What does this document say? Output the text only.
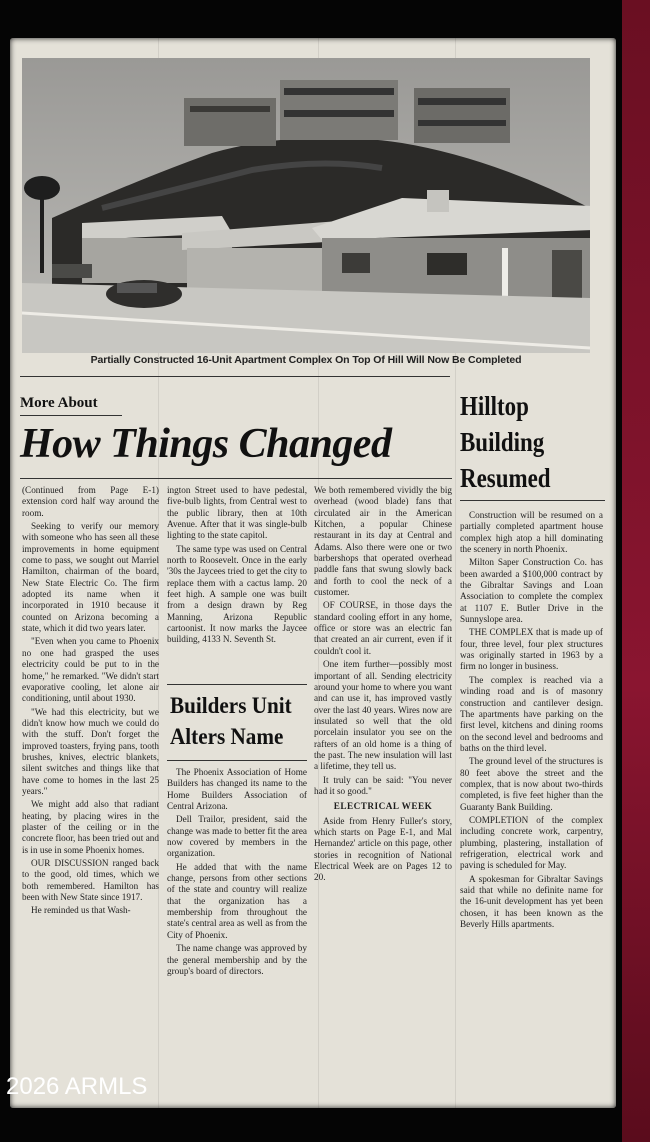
Partially Constructed 16-Unit Apartment Complex On Top Of Hill Will Now Be Completed
More About
How Things Changed
Hilltop Building Resumed

(Continued from Page E-1) extension cord half way around the room.

Seeking to verify our memory with someone who has seen all these improvements in home equipment come to pass, we sought out Marriel Hamilton, chairman of the board, New State Electric Co. The firm adopted its name when it incorporated in 1910 because it counted on Arizona becoming a state, which it did two years later.

"Even when you came to Phoenix no one had grasped the uses electricity could be put to in the home," he remarked. "We didn't start evaporative cooling, let alone air conditioning, until about 1930.

"We had this electricity, but we didn't know how much we could do with the stuff. Don't forget the improved toasters, frying pans, tooth brushes, knives, electric blankets, silent switches and things like that have come to homes in the last 25 years."

We might add also that radiant heating, by placing wires in the plaster of the ceiling or in the concrete floor, has been tried out and is in use in some Phoenix homes.

OUR DISCUSSION ranged back to the good, old times, which we both remembered. Hamilton has been with New State since 1917.

He reminded us that Wash-

ington Street used to have pedestal, five-bulb lights, from Central west to the public library, then at 10th Avenue. After that it was single-bulb lighting to the state capitol.

The same type was used on Central north to Roosevelt. Once in the early '30s the Jaycees tried to get the city to replace them with a cactus lamp. 20 feet high. A sample one was built from a design drawn by Reg Manning, Arizona Republic cartoonist. It now marks the Jaycee building, 4133 N. Seventh St.

Builders Unit Alters Name

The Phoenix Association of Home Builders has changed its name to the Home Builders Association of Central Arizona.

Dell Trailor, president, said the change was made to better fit the area now covered by members in the organization.

He added that with the name change, persons from other sections of the state and country will realize that the organization has a membership from throughout the state's central area as well as from the City of Phoenix.

The name change was approved by the general membership and by the group's board of directors.

We both remembered vividly the big overhead (wood blade) fans that circulated air in the American Kitchen, a popular Chinese restaurant in its day at Central and Adams. Also there were one or two barbershops that operated overhead paddle fans that swung slowly back and forth to cool the neck of a customer.

OF COURSE, in those days the standard cooling effort in any home, office or store was an electric fan that created an air current, even if it couldn't cool it.

One item further—possibly most important of all. Sending electricity around your home to where you want and can use it, has improved vastly over the last 40 years. Wires now are insulated so well that the old porcelain insulator you see on the rafters of an old home is a thing of the past. The new insulation will last a lifetime, they tell us.

It truly can be said: "You never had it so good."

ELECTRICAL WEEK

Aside from Henry Fuller's story, which starts on Page E-1, and Mal Hernandez' article on this page, other stories in recognition of National Electrical Week are on Pages 12 to 20.

Construction will be resumed on a partially completed apartment house complex high atop a hill dominating the scenery in north Phoenix.

Milton Saper Construction Co. has been awarded a $100,000 contract by the Gibraltar Savings and Loan Association to complete the complex at 1107 E. Butler Drive in the Sunnyslope area.

THE COMPLEX that is made up of four, three level, four plex structures was originally started in 1963 by a firm no longer in business.

The complex is reached via a winding road and is of masonry construction and cantilever design. The apartments have parking on the first level, kitchens and dining rooms on the second level and bedrooms and baths on the third level.

The ground level of the structures is 80 feet above the street and the complex, that is now about two-thirds completed, is five feet higher than the Guaranty Bank Building.

COMPLETION of the complex including concrete work, carpentry, plumbing, plastering, installation of refrigeration, electrical work and paving is scheduled for May.

A spokesman for Gibraltar Savings said that while no definite name for the 16-unit development has yet been chosen, it has been known as the Beverly Hills apartments.

2026 ARMLS
